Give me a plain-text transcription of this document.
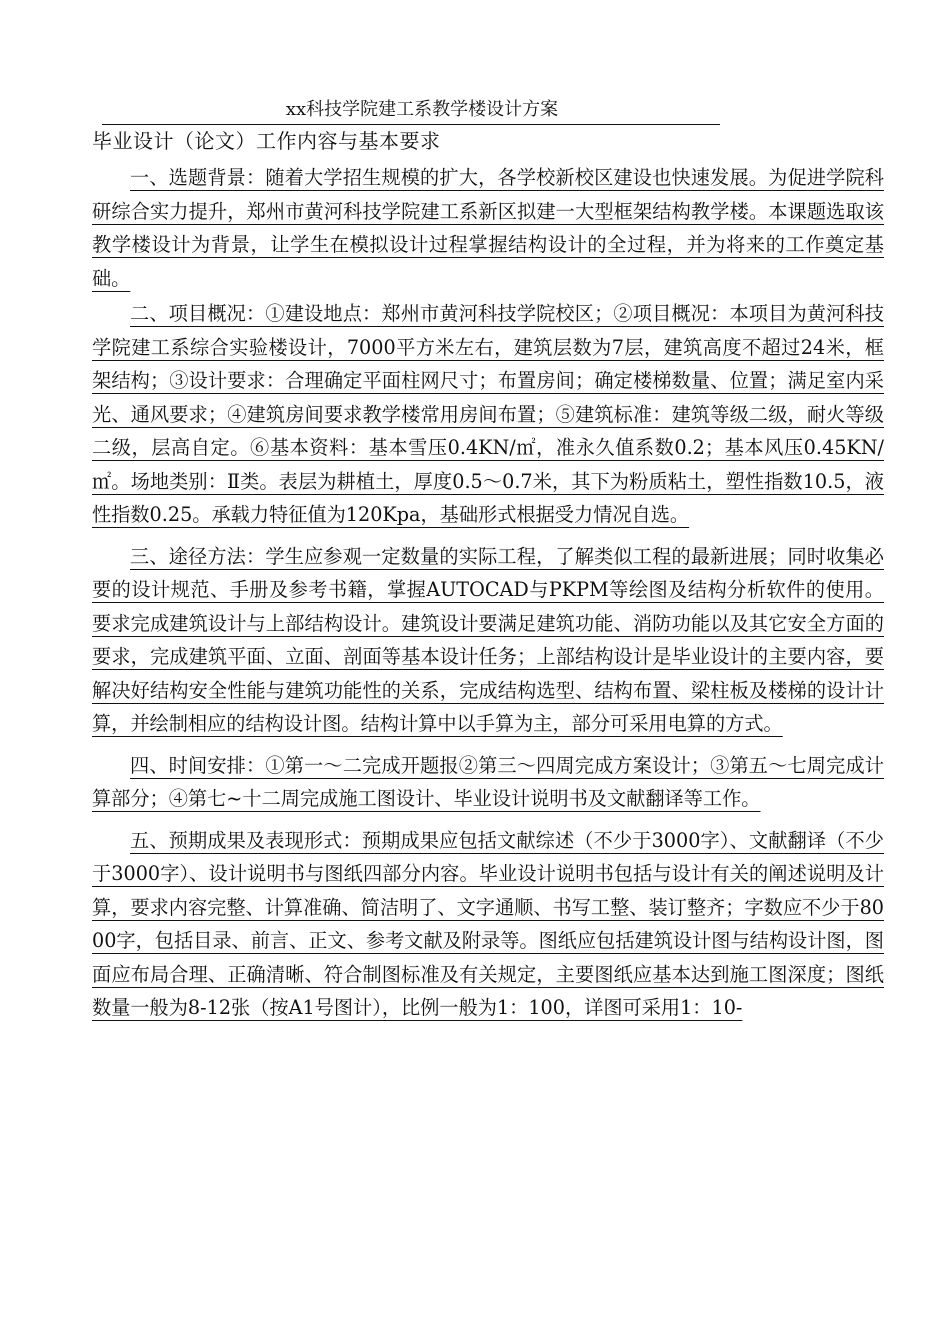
xx科技学院建工系教学楼设计方案
毕业设计（论文）工作内容与基本要求

一、选题背景：随着大学招生规模的扩大，各学校新校区建设也快速发展。为促进学院科研综合实力提升，郑州市黄河科技学院建工系新区拟建一大型框架结构教学楼。本课题选取该教学楼设计为背景，让学生在模拟设计过程掌握结构设计的全过程，并为将来的工作奠定基础。

二、项目概况：①建设地点：郑州市黄河科技学院校区；②项目概况：本项目为黄河科技学院建工系综合实验楼设计，7000平方米左右，建筑层数为7层，建筑高度不超过24米，框架结构；③设计要求：合理确定平面柱网尺寸；布置房间；确定楼梯数量、位置；满足室内采光、通风要求；④建筑房间要求教学楼常用房间布置；⑤建筑标准：建筑等级二级，耐火等级二级，层高自定。⑥基本资料：基本雪压0.4KN/㎡，准永久值系数0.2；基本风压0.45KN/㎡。场地类别：Ⅱ类。表层为耕植土，厚度0.5～0.7米，其下为粉质粘土，塑性指数10.5，液性指数0.25。承载力特征值为120Kpa，基础形式根据受力情况自选。

三、途径方法：学生应参观一定数量的实际工程，了解类似工程的最新进展；同时收集必要的设计规范、手册及参考书籍，掌握AUTOCAD与PKPM等绘图及结构分析软件的使用。要求完成建筑设计与上部结构设计。建筑设计要满足建筑功能、消防功能以及其它安全方面的要求，完成建筑平面、立面、剖面等基本设计任务；上部结构设计是毕业设计的主要内容，要解决好结构安全性能与建筑功能性的关系，完成结构选型、结构布置、梁柱板及楼梯的设计计算，并绘制相应的结构设计图。结构计算中以手算为主，部分可采用电算的方式。

四、时间安排：①第一～二完成开题报②第三～四周完成方案设计；③第五～七周完成计算部分；④第七~十二周完成施工图设计、毕业设计说明书及文献翻译等工作。

五、预期成果及表现形式：预期成果应包括文献综述（不少于3000字）、文献翻译（不少于3000字）、设计说明书与图纸四部分内容。毕业设计说明书包括与设计有关的阐述说明及计算，要求内容完整、计算准确、简洁明了、文字通顺、书写工整、装订整齐；字数应不少于8000字，包括目录、前言、正文、参考文献及附录等。图纸应包括建筑设计图与结构设计图，图面应布局合理、正确清晰、符合制图标准及有关规定，主要图纸应基本达到施工图深度；图纸数量一般为8-12张（按A1号图计），比例一般为1：100，详图可采用1：10-
